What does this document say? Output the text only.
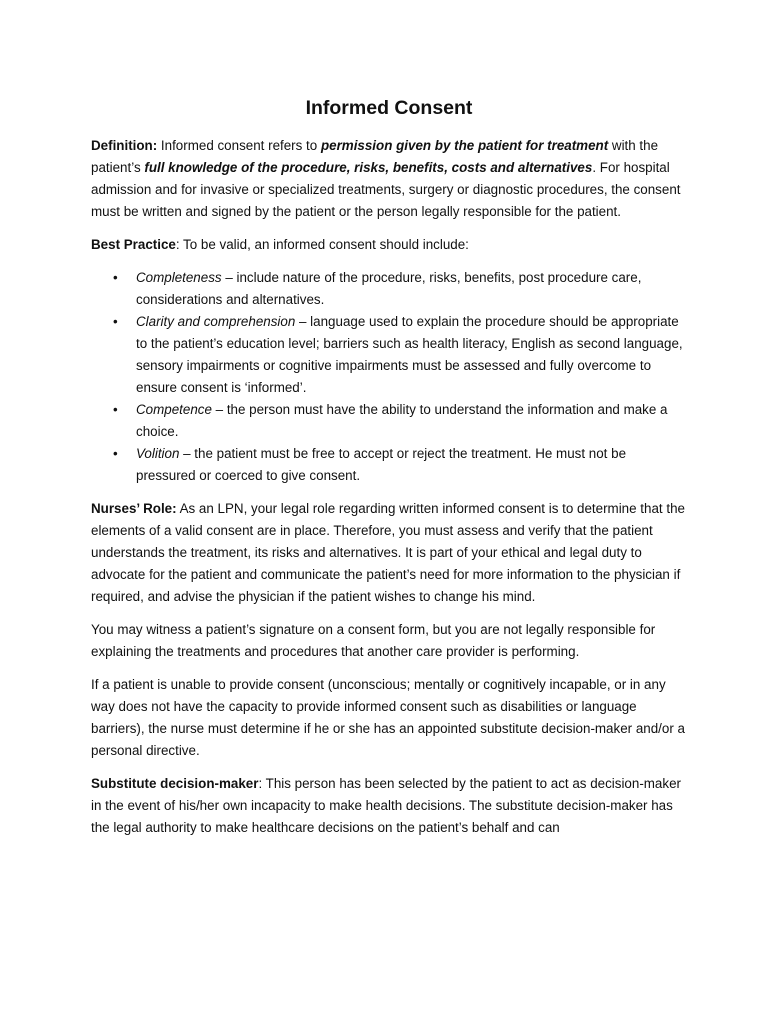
Informed Consent

Definition: Informed consent refers to permission given by the patient for treatment with the patient’s full knowledge of the procedure, risks, benefits, costs and alternatives. For hospital admission and for invasive or specialized treatments, surgery or diagnostic procedures, the consent must be written and signed by the patient or the person legally responsible for the patient.

Best Practice: To be valid, an informed consent should include:

• Completeness – include nature of the procedure, risks, benefits, post procedure care, considerations and alternatives.
• Clarity and comprehension – language used to explain the procedure should be appropriate to the patient’s education level; barriers such as health literacy, English as second language, sensory impairments or cognitive impairments must be assessed and fully overcome to ensure consent is ‘informed’.
• Competence – the person must have the ability to understand the information and make a choice.
• Volition – the patient must be free to accept or reject the treatment. He must not be pressured or coerced to give consent.

Nurses’ Role: As an LPN, your legal role regarding written informed consent is to determine that the elements of a valid consent are in place. Therefore, you must assess and verify that the patient understands the treatment, its risks and alternatives. It is part of your ethical and legal duty to advocate for the patient and communicate the patient’s need for more information to the physician if required, and advise the physician if the patient wishes to change his mind.

You may witness a patient’s signature on a consent form, but you are not legally responsible for explaining the treatments and procedures that another care provider is performing.

If a patient is unable to provide consent (unconscious; mentally or cognitively incapable, or in any way does not have the capacity to provide informed consent such as disabilities or language barriers), the nurse must determine if he or she has an appointed substitute decision-maker and/or a personal directive.

Substitute decision-maker: This person has been selected by the patient to act as decision-maker in the event of his/her own incapacity to make health decisions. The substitute decision-maker has the legal authority to make healthcare decisions on the patient’s behalf and can
